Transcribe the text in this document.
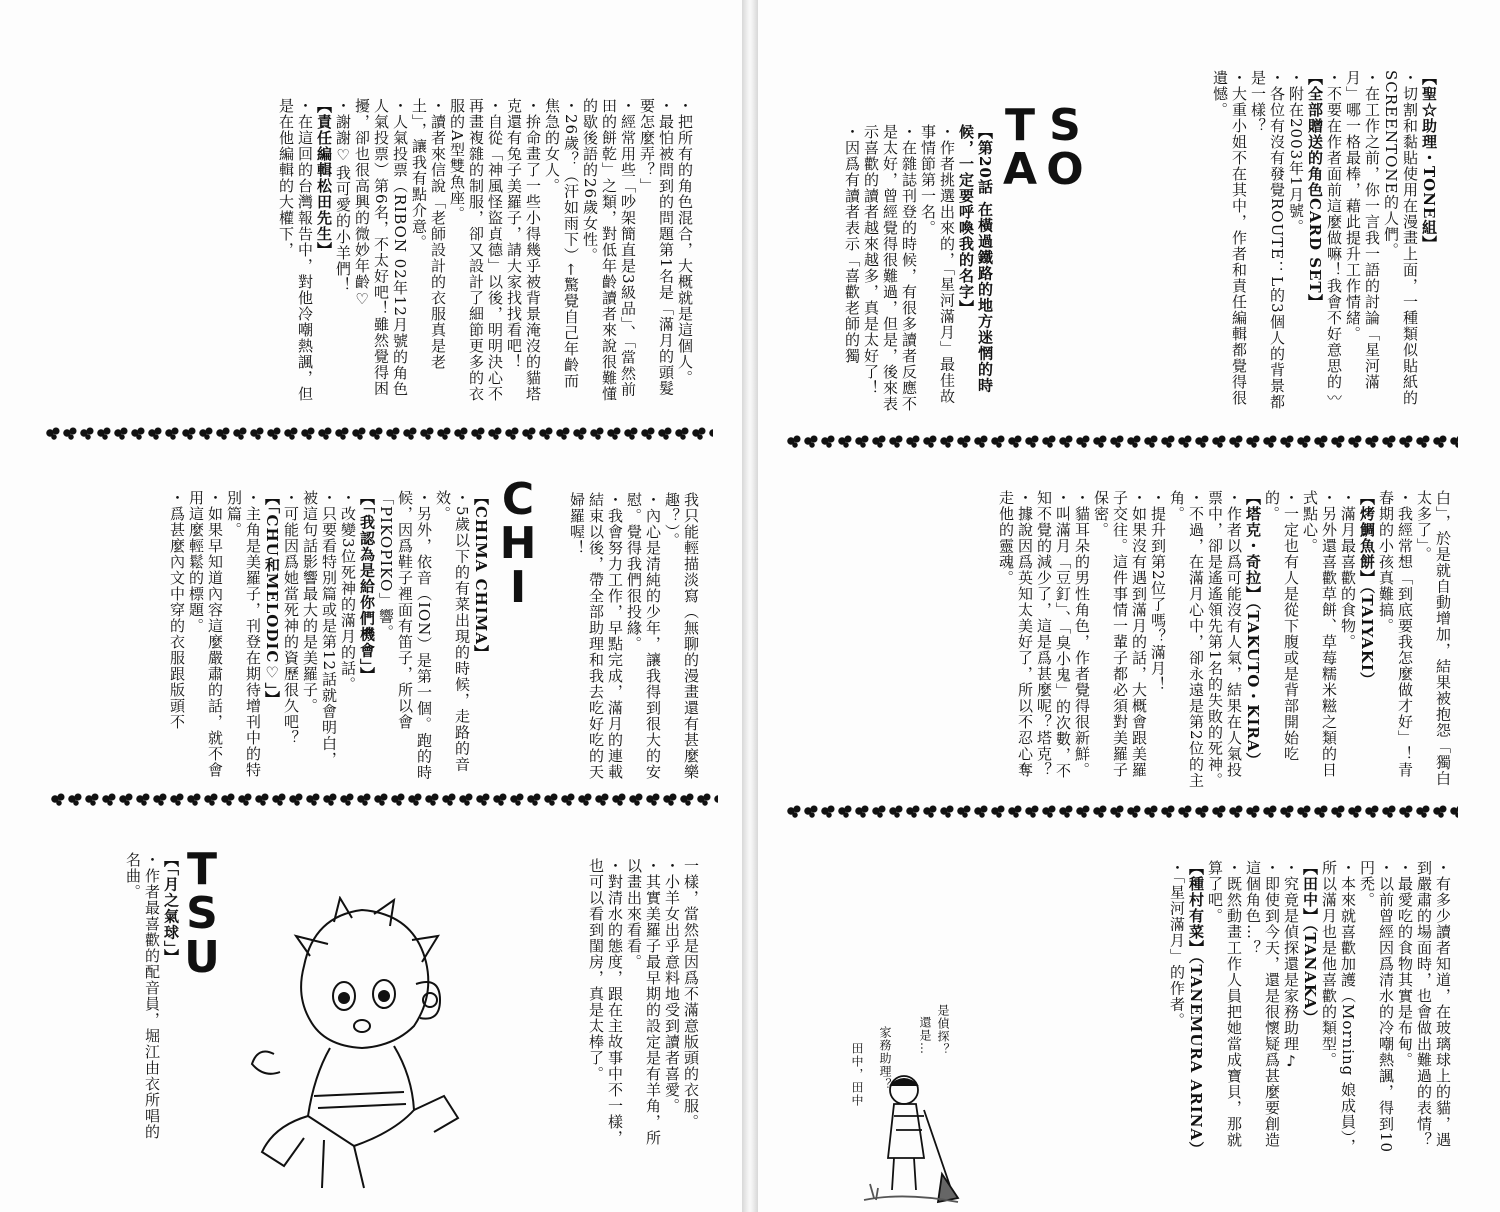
・把所有的角色混合，大概就是這個人。

・最怕被問到的問題第1名是「滿月的頭髮要怎麼弄？」

・經常用些「吵架簡直是3級品」、「當然前田的餅乾」之類，對低年齡讀者來說很難懂的歇後語的26歲女性。

・26歲？（汗如雨下）←驚覺自己年齡而焦急的女人。

・拚命畫了一些小得幾乎被背景淹沒的貓塔克還有兔子美羅子，請大家找找看吧！

・自從「神風怪盜貞德」以後，明明決心不再畫複雜的制服，卻又設計了細節更多的衣服的A型雙魚座。

・讀者來信說「老師設計的衣服真是老土」，讓我有點介意。

・人氣投票（RIBON 02年12月號的角色人氣投票）第6名，不太好吧！雖然覺得困擾，卻也很高興的微妙年齡♡

・謝謝♡我可愛的小羊們！

【責任編輯松田先生】

・在這回的台灣報告中，對他冷嘲熱諷，但是在他編輯的大權下，

我只能輕描淡寫（無聊的漫畫還有甚麼樂趣？）。

・內心是清純的少年，讓我得到很大的安慰。覺得我們很投緣。

・我會努力工作，早點完成，滿月的連載結束以後，帶全部助理和我去吃好吃的天婦羅喔！

C
H
I

【CHIMA CHIMA】

・5歲以下的有菜出現的時候，走路的音效。

・另外，依音（ION）是第一個。跑的時候，因爲鞋子裡面有笛子，所以會「PIKOPIKO」響。

【「我認為是給你們機會」】

・改變3位死神的滿月的話。

・只要看特別篇或是第12話就會明白，被這句話影響最大的是美羅子。

・可能因爲她當死神的資歷很久吧？

【「CHU和MELODIC♡」】

・主角是美羅子，刊登在期待增刊中的特別篇。

・如果早知道內容這麼嚴肅的話，就不會用這麼輕鬆的標題。

・爲甚麼內文中穿的衣服跟版頭不

一樣，當然是因爲不滿意版頭的衣服。

・小羊女出乎意料地受到讀者喜愛。

・其實美羅子最早期的設定是有羊角，所以畫出來看看。

・對清水的態度，跟在主故事中不一樣，也可以看到閨房，真是太棒了。

T
S
U

【「月之氣球」】

・作者最喜歡的配音員，堀江由衣所唱的名曲。

【聖☆助理・TONE組】

・切割和黏貼使用在漫畫上面，一種類似貼紙的SCREENTONE的人們。

・在工作之前，你一言我一語的討論「星河滿月」哪一格最棒，藉此提升工作情緒。

・不要在作者面前這麼做嘛！我會不好意思的〰

【全部贈送的角色CARD SET】

・附在2003年1月號。

・各位有沒有發覺ROUTE：L的3個人的背景都是一樣？

・大重小姐不在其中，作者和責任編輯都覺得很遺憾。

S
O
T
A

【第20話 在橫過鐵路的地方迷惘的時候，一定要呼喚我的名字】

・作者挑選出來的，「星河滿月」最佳故事情節第一名。

・在雜誌刊登的時候，有很多讀者反應不是太好，曾經覺得很難過，但是，後來表示喜歡的讀者越來越多，真是太好了！

・因爲有讀者表示「喜歡老師的獨

白」，於是就自動增加，結果被抱怨「獨白太多了」。

・我經常想「到底要我怎麼做才好」！青春期的小孩真難搞。

【烤鯛魚餅】（TAIYAKI）

・滿月最喜歡的食物。

・另外還喜歡草餅、草莓糯米糍之類的日式點心。

・一定也有人是從下腹或是背部開始吃的。

【塔克・奇拉】（TAKUTO・KIRA）

・作者以爲可能沒有人氣，結果在人氣投票中，卻是遙遙領先第1名的失敗的死神。

・不過，在滿月心中，卻永遠是第2位的主角。

・提升到第2位了嗎？滿月！

・如果沒有遇到滿月的話，大概會跟美羅子交往。這件事情一輩子都必須對美羅子保密。

・貓耳朵的男性角色，作者覺得很新鮮。

・叫滿月「豆釘」、「臭小鬼」的次數，不知不覺的減少了，這是爲甚麼呢？塔克？

・據說因爲英知太美好了，所以不忍心奪走他的靈魂。

・有多少讀者知道，在玻璃球上的貓，遇到嚴肅的場面時，也會做出難過的表情？

・最愛吃的食物其實是布甸。

・以前曾經因爲清水的冷嘲熱諷，得到10円禿。

・本來就喜歡加護（Morning 娘成員），所以滿月也是他喜歡的類型。

【田中】（TANAKA）

・究竟是偵探還是家務助理♪

・即使到今天，還是很懷疑爲甚麼要創造這個角色…？

・既然動畫工作人員把她當成寶貝，那就算了吧。

【種村有菜】（TANEMURA ARINA）

・「星河滿月」的作者。

是偵探？

還是…

家務助理？

田中，田中
